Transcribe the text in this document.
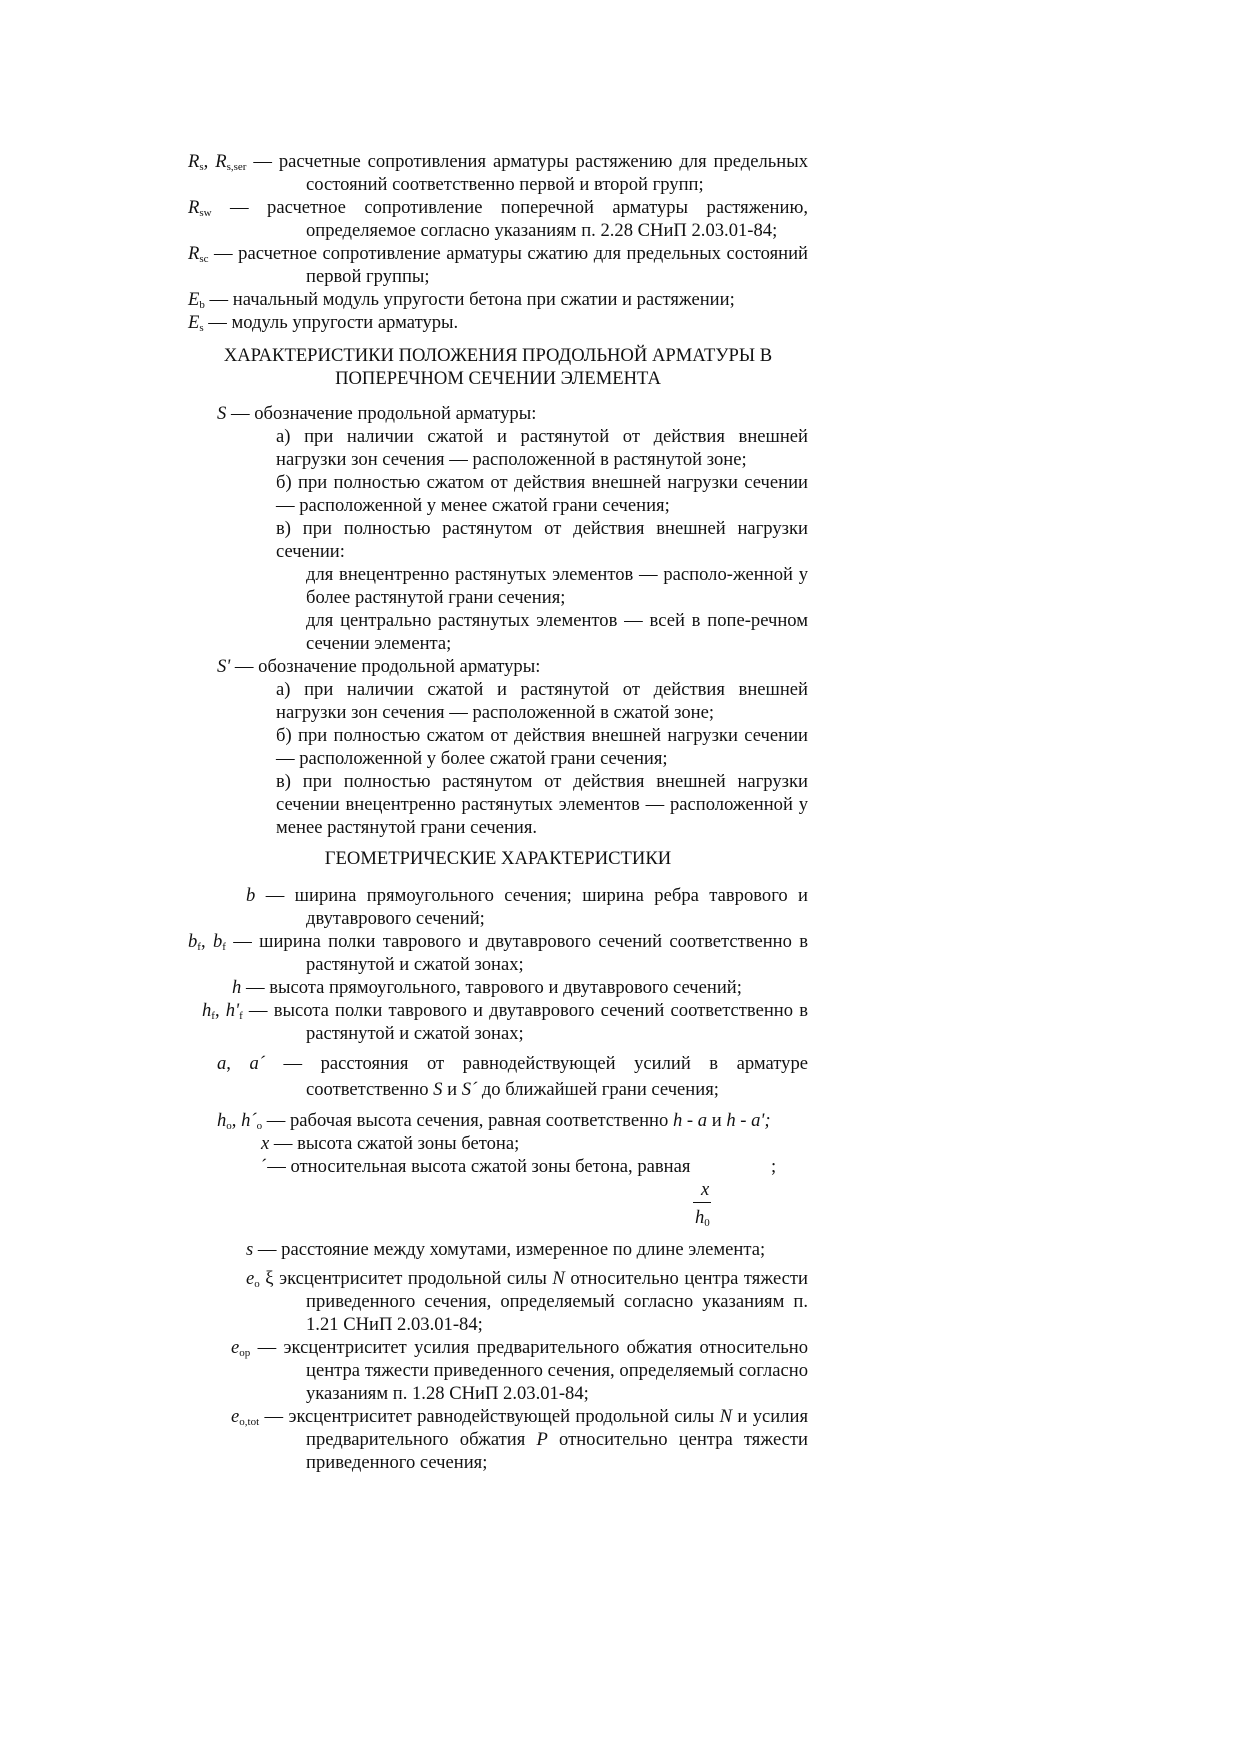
$R_s$, $R_{s,ser}$ — расчетные сопротивления арматуры растяжению для предельных состояний соответственно первой и второй групп;

$R_{sw}$ — расчетное сопротивление поперечной арматуры растяжению, определяемое согласно указаниям п. 2.28 СНиП 2.03.01-84;

$R_{sc}$ — расчетное сопротивление арматуры сжатию для предельных состояний первой группы;

$E_b$ — начальный модуль упругости бетона при сжатии и растяжении;

$E_s$ — модуль упругости арматуры.

ХАРАКТЕРИСТИКИ ПОЛОЖЕНИЯ ПРОДОЛЬНОЙ АРМАТУРЫ В ПОПЕРЕЧНОМ СЕЧЕНИИ ЭЛЕМЕНТА

S — обозначение продольной арматуры:

а) при наличии сжатой и растянутой от действия внешней нагрузки зон сечения — расположенной в растянутой зоне;

б) при полностью сжатом от действия внешней нагрузки сечении — расположенной у менее сжатой грани сечения;

в) при полностью растянутом от действия внешней нагрузки сечении:

для внецентренно растянутых элементов — располо-женной у более растянутой грани сечения;

для центрально растянутых элементов — всей в попе-речном сечении элемента;

S' — обозначение продольной арматуры:

а) при наличии сжатой и растянутой от действия внешней нагрузки зон сечения — расположенной в сжатой зоне;

б) при полностью сжатом от действия внешней нагрузки сечении — расположенной у более сжатой грани сечения;

в) при полностью растянутом от действия внешней нагрузки сечении внецентренно растянутых элементов — расположенной у менее растянутой грани сечения.

ГЕОМЕТРИЧЕСКИЕ ХАРАКТЕРИСТИКИ

b — ширина прямоугольного сечения; ширина ребра таврового и двутаврового сечений;

$b_f$, $b_f$ — ширина полки таврового и двутаврового сечений соответственно в растянутой и сжатой зонах;

h — высота прямоугольного, таврового и двутаврового сечений;

$h_f$, $h'_f$ — высота полки таврового и двутаврового сечений соответственно в растянутой и сжатой зонах;

a, a´ — расстояния от равнодействующей усилий в арматуре соответственно S и S´ до ближайшей грани сечения;

$h_o$, $h´_o$ — рабочая высота сечения, равная соответственно h - a и h - a';

x — высота сжатой зоны бетона;

´— относительная высота сжатой зоны бетона, равная	;

x
$h_0$

s — расстояние между хомутами, измеренное по длине элемента;

$e_o$ ξ эксцентриситет продольной силы N относительно центра тяжести приведенного сечения, определяемый согласно указаниям п. 1.21 СНиП 2.03.01-84;

$e_{op}$ — эксцентриситет усилия предварительного обжатия относительно центра тяжести приведенного сечения, определяемый согласно указаниям п. 1.28 СНиП 2.03.01-84;

$e_{o,tot}$ — эксцентриситет равнодействующей продольной силы N и усилия предварительного обжатия P относительно центра тяжести приведенного сечения;
